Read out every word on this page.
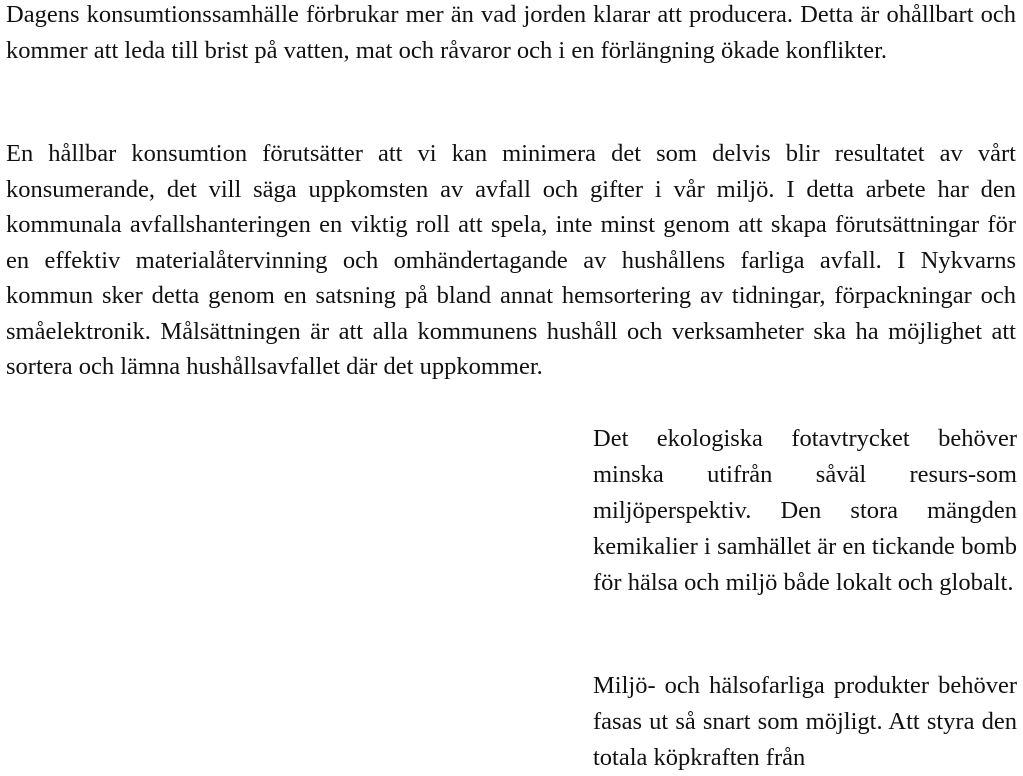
Dagens konsumtionssamhälle förbrukar mer än vad jorden klarar att producera. Detta är ohållbart och kommer att leda till brist på vatten, mat och råvaror och i en förlängning ökade konflikter.

En hållbar konsumtion förutsätter att vi kan minimera det som delvis blir resultatet av vårt konsumerande, det vill säga uppkomsten av avfall och gifter i vår miljö. I detta arbete har den kommunala avfallshanteringen en viktig roll att spela, inte minst genom att skapa förutsättningar för en effektiv materialåtervinning och omhändertagande av hushållens farliga avfall. I Nykvarns kommun sker detta genom en satsning på bland annat hemsortering av tidningar, förpackningar och småelektronik. Målsättningen är att alla kommunens hushåll och verksamheter ska ha möjlighet att sortera och lämna hushållsavfallet där det uppkommer.

Det ekologiska fotavtrycket behöver minska utifrån såväl resurs-som miljöperspektiv. Den stora mängden kemikalier i samhället är en tickande bomb för hälsa och miljö både lokalt och globalt.

Miljö- och hälsofarliga produkter behöver fasas ut så snart som möjligt. Att styra den totala köpkraften från
